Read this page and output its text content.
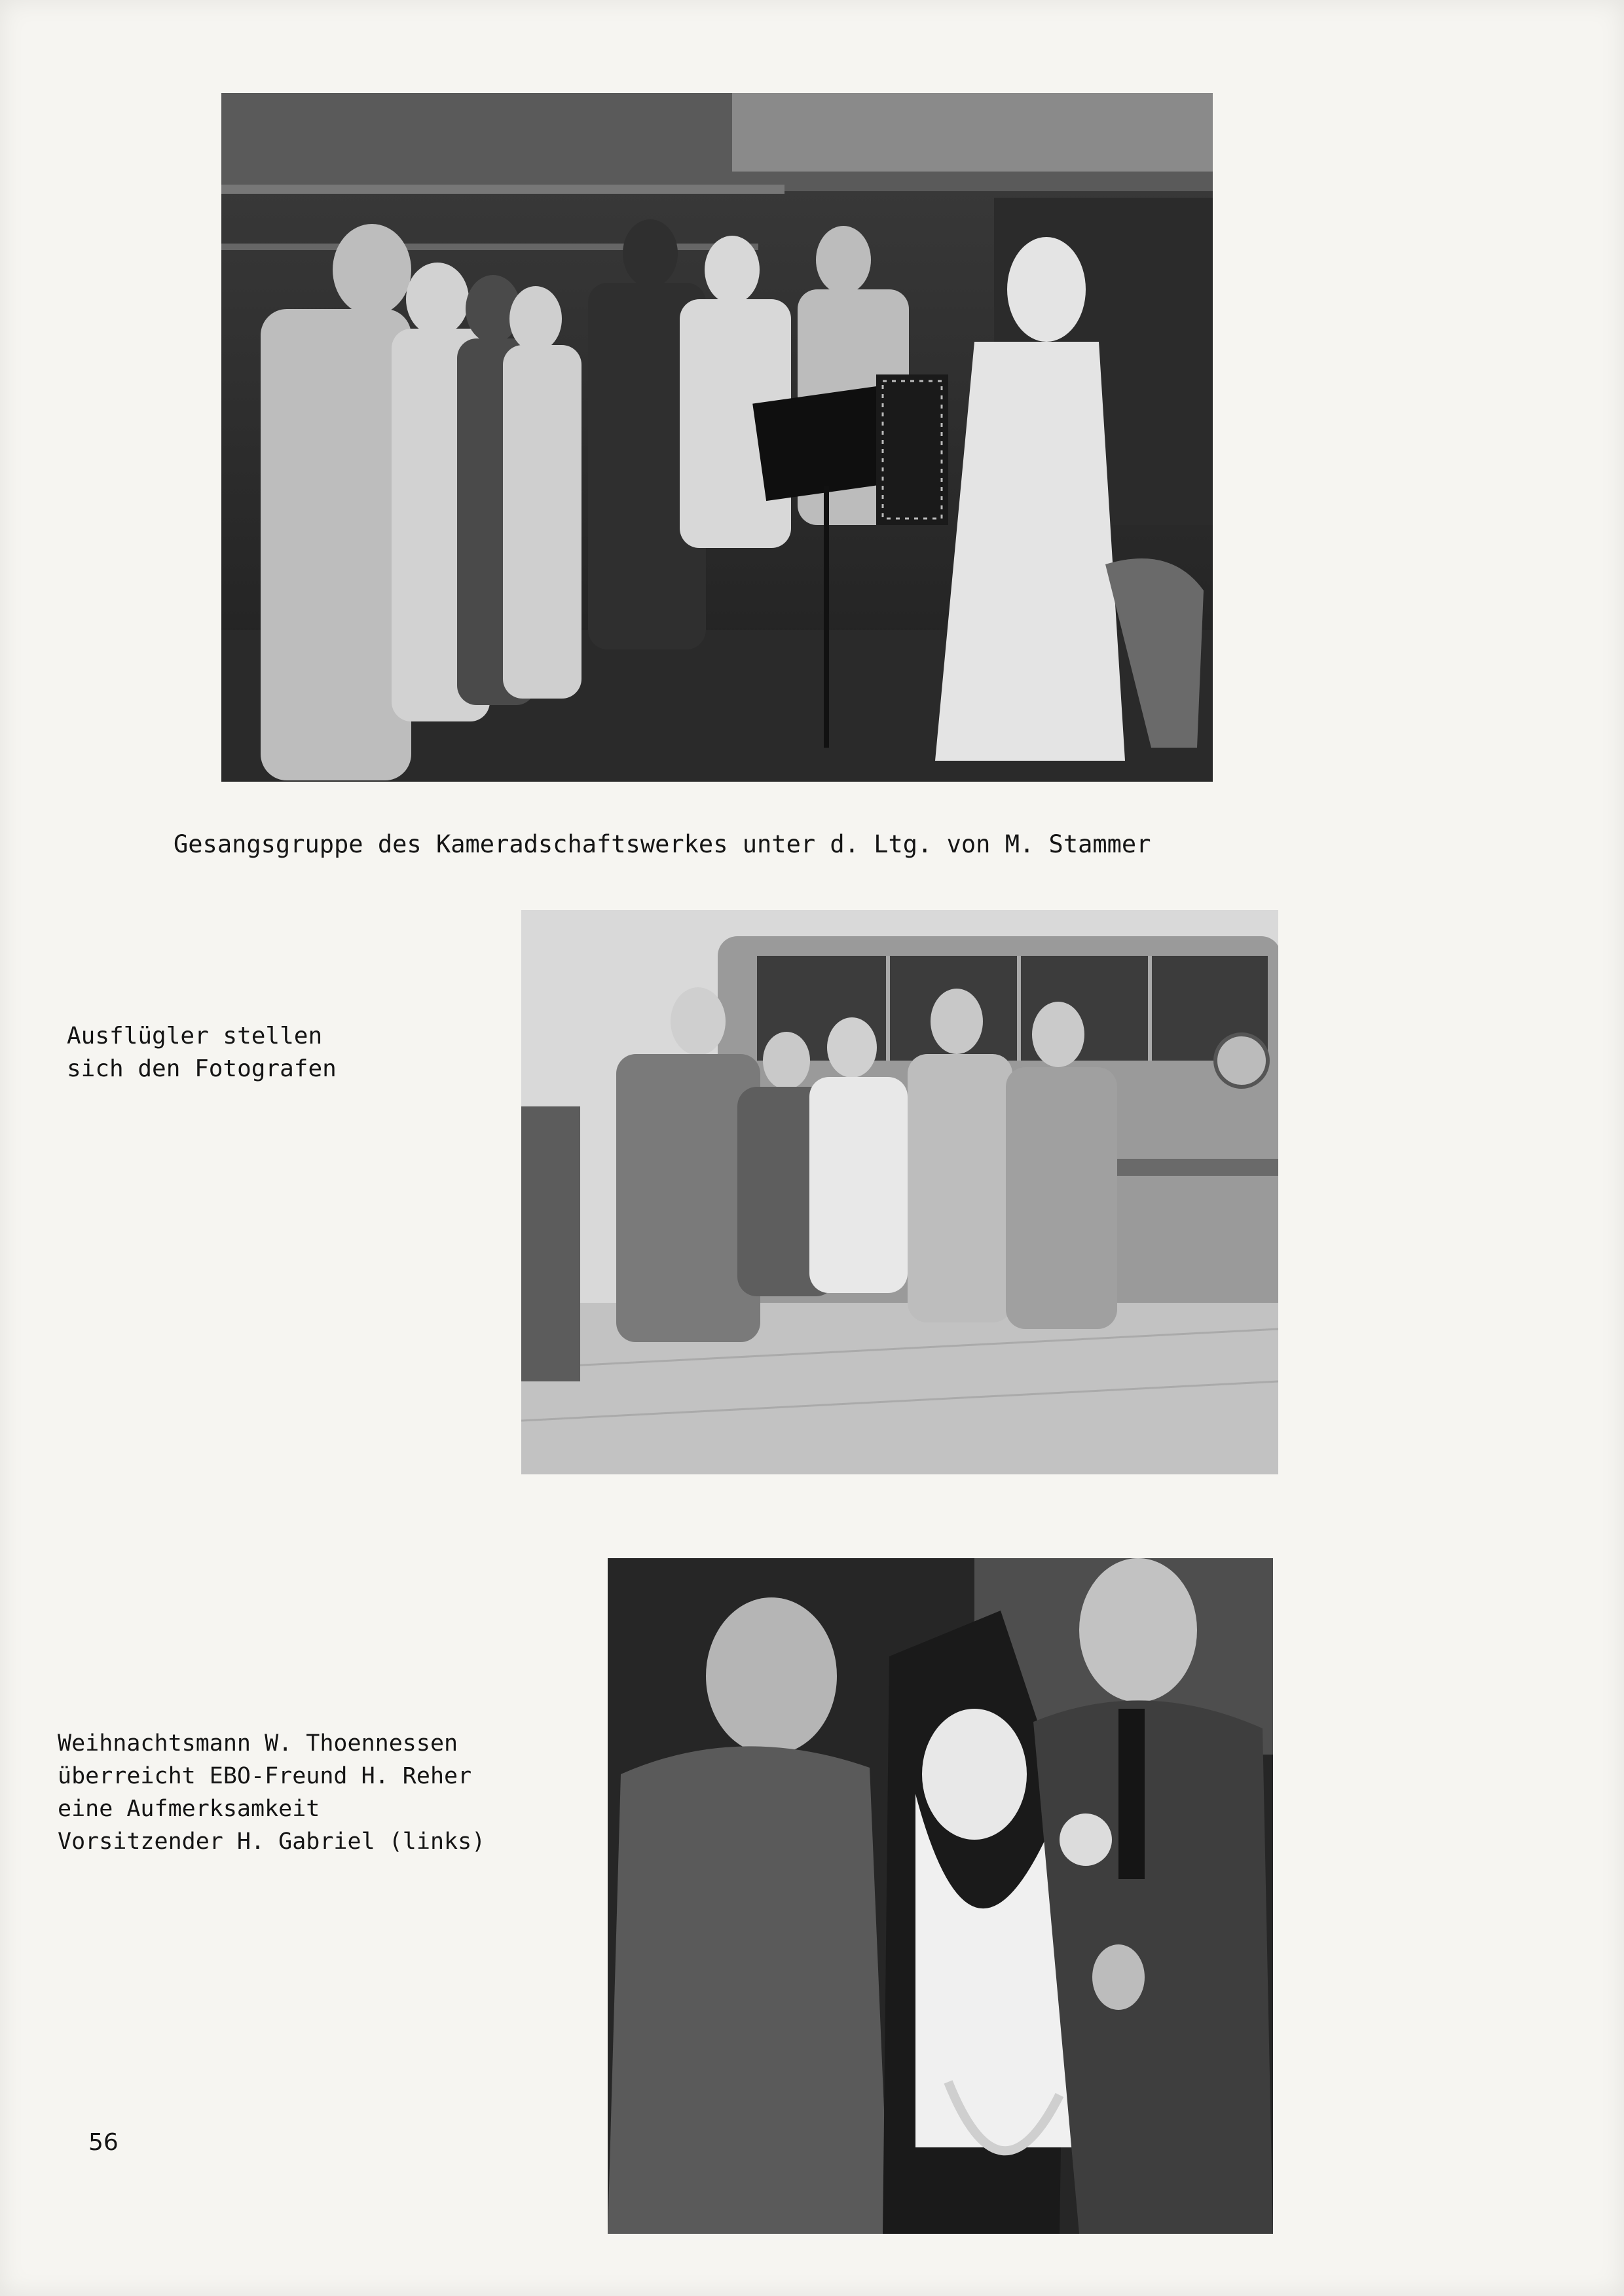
Gesangsgruppe des Kameradschaftswerkes unter d. Ltg. von M. Stammer
Ausflügler stellen
sich den Fotografen
Weihnachtsmann W. Thoennessen
überreicht EBO-Freund H. Reher
eine Aufmerksamkeit
Vorsitzender H. Gabriel (links)
56
